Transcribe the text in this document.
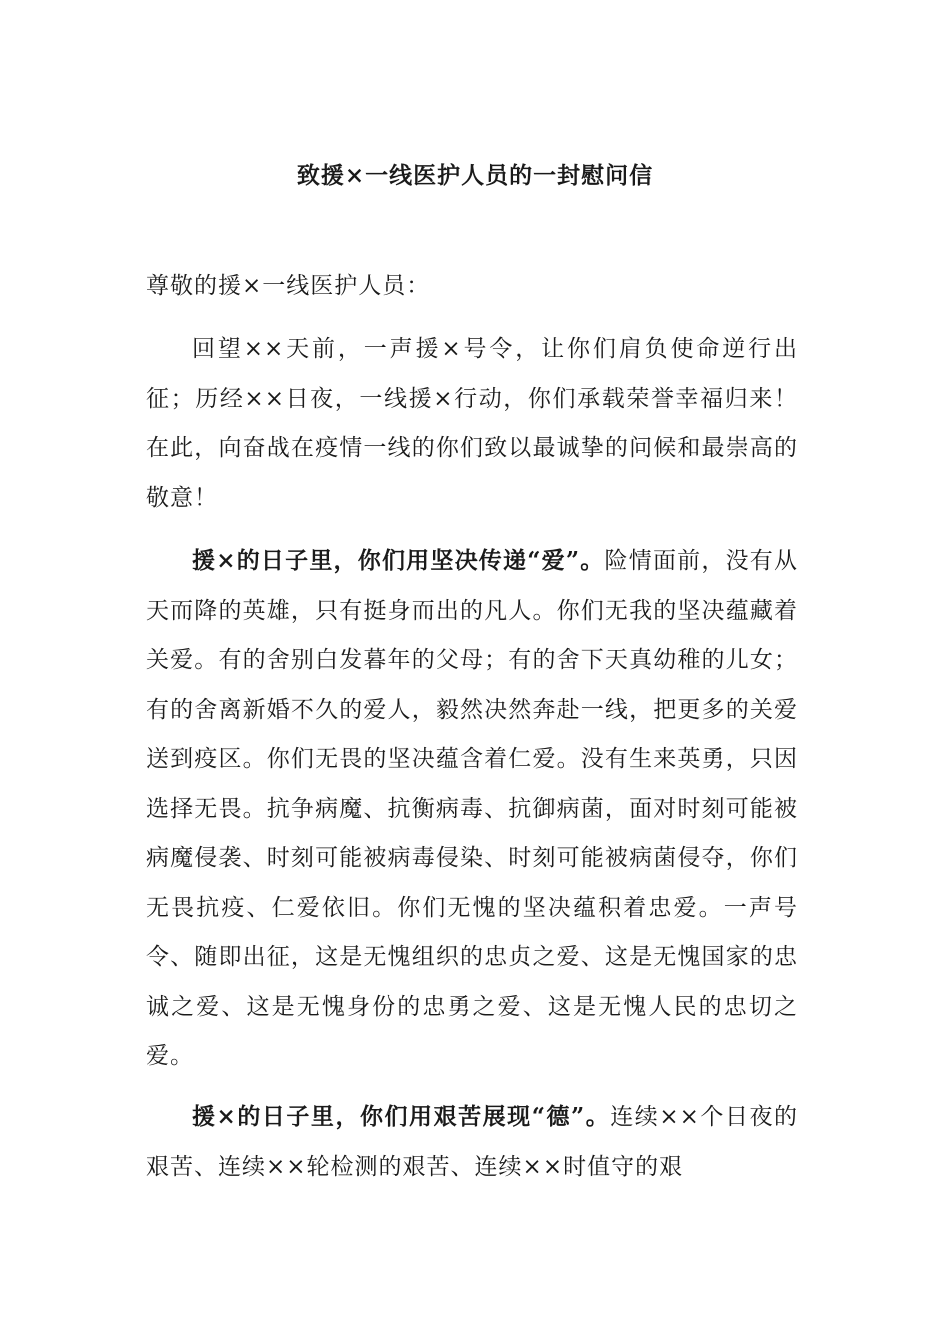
致援×一线医护人员的一封慰问信

尊敬的援×一线医护人员：

回望××天前，一声援×号令，让你们肩负使命逆行出征；历经××日夜，一线援×行动，你们承载荣誉幸福归来！在此，向奋战在疫情一线的你们致以最诚挚的问候和最崇高的敬意！

援×的日子里，你们用坚决传递“爱”。险情面前，没有从天而降的英雄，只有挺身而出的凡人。你们无我的坚决蕴藏着关爱。有的舍别白发暮年的父母；有的舍下天真幼稚的儿女；有的舍离新婚不久的爱人，毅然决然奔赴一线，把更多的关爱送到疫区。你们无畏的坚决蕴含着仁爱。没有生来英勇，只因选择无畏。抗争病魔、抗衡病毒、抗御病菌，面对时刻可能被病魔侵袭、时刻可能被病毒侵染、时刻可能被病菌侵夺，你们无畏抗疫、仁爱依旧。你们无愧的坚决蕴积着忠爱。一声号令、随即出征，这是无愧组织的忠贞之爱、这是无愧国家的忠诚之爱、这是无愧身份的忠勇之爱、这是无愧人民的忠切之爱。

援×的日子里，你们用艰苦展现“德”。连续××个日夜的艰苦、连续××轮检测的艰苦、连续××时值守的艰
